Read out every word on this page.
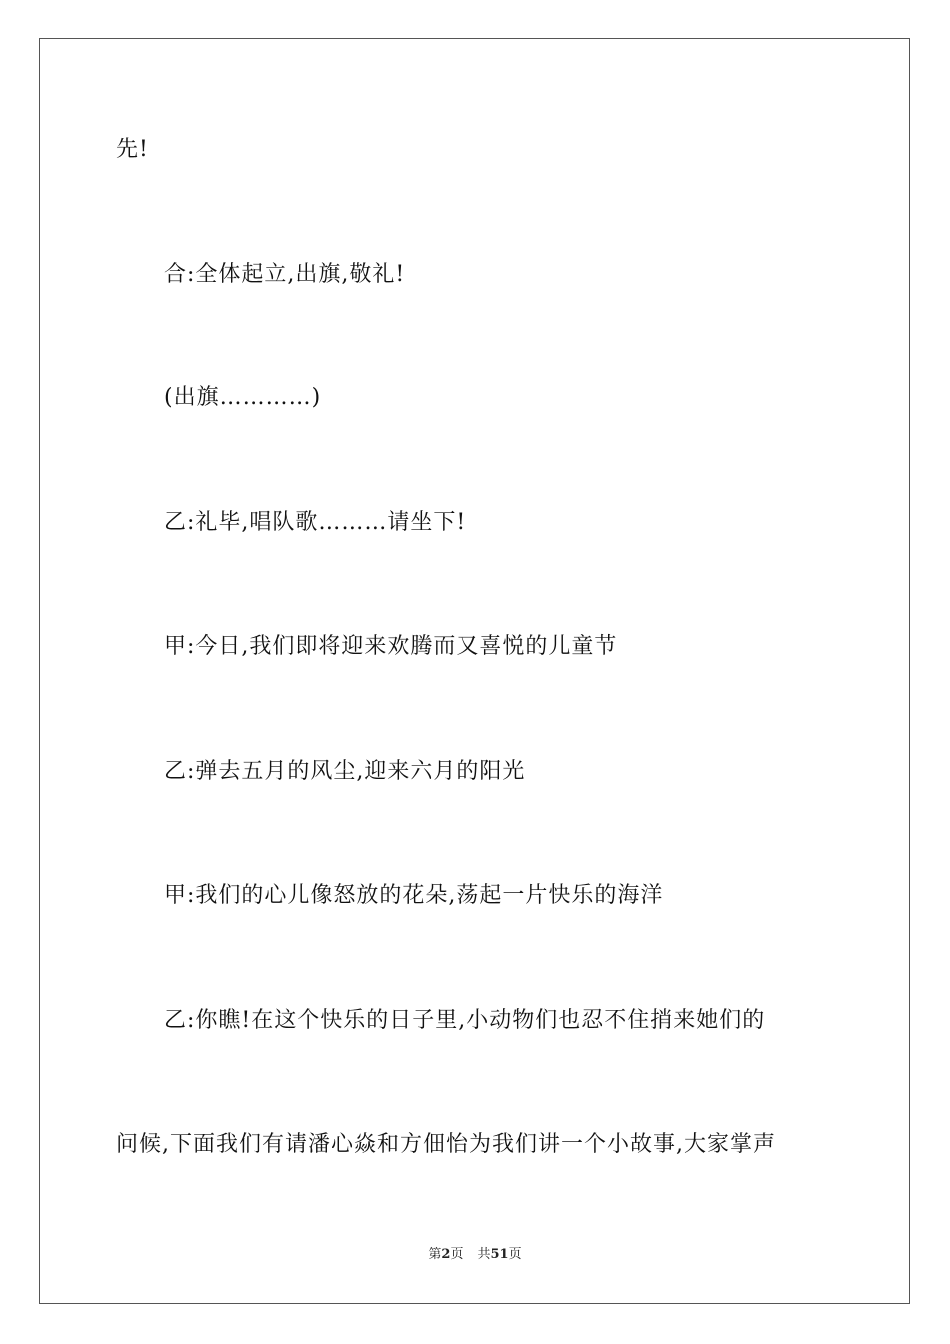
先!
合:全体起立,出旗,敬礼!
(出旗…………)
乙:礼毕,唱队歌………请坐下!
甲:今日,我们即将迎来欢腾而又喜悦的儿童节
乙:弹去五月的风尘,迎来六月的阳光
甲:我们的心儿像怒放的花朵,荡起一片快乐的海洋
乙:你瞧!在这个快乐的日子里,小动物们也忍不住捎来她们的
问候,下面我们有请潘心焱和方佃怡为我们讲一个小故事,大家掌声
第2页 共51页
